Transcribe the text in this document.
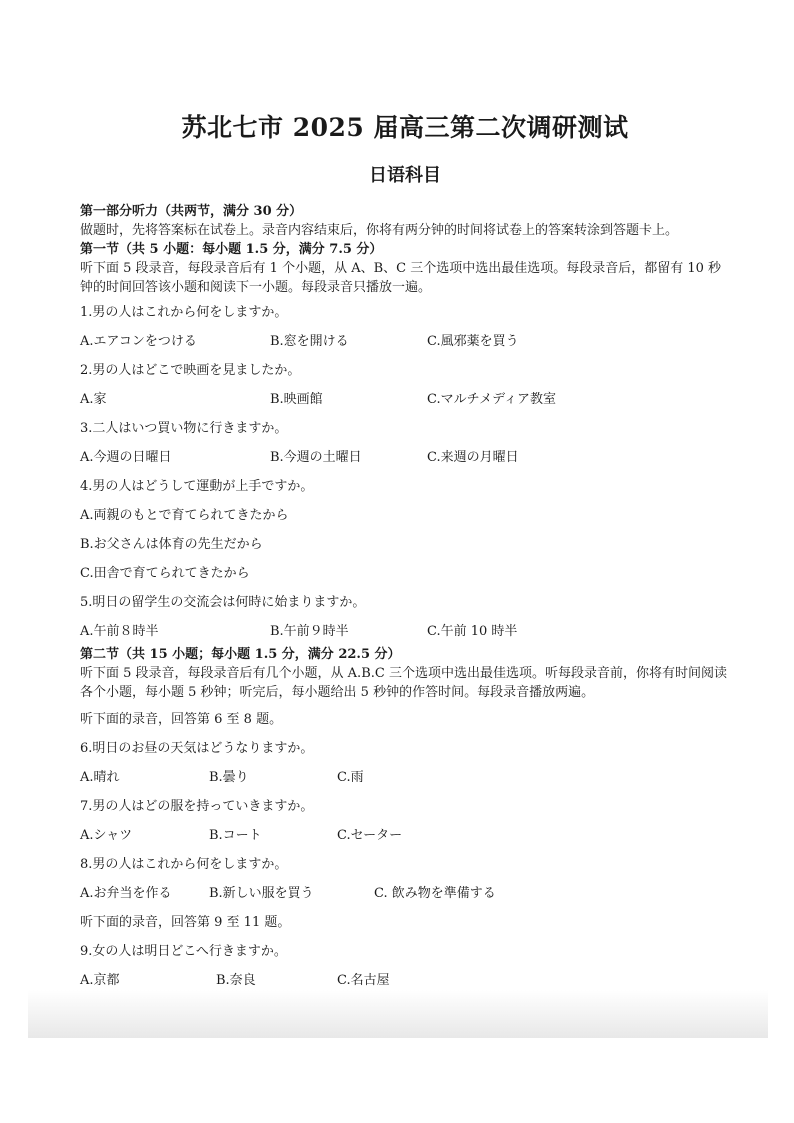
苏北七市 2025 届高三第二次调研测试
日语科目
第一部分听力（共两节，满分 30 分）
做题时，先将答案标在试卷上。录音内容结束后，你将有两分钟的时间将试卷上的答案转涂到答题卡上。
第一节（共 5 小题：每小题 1.5 分，满分 7.5 分）
听下面 5 段录音，每段录音后有 1 个小题，从 A、B、C 三个选项中选出最佳选项。每段录音后，都留有 10 秒钟的时间回答该小题和阅读下一小题。每段录音只播放一遍。
1.男の人はこれから何をしますか。
A.エアコンをつける	B.窓を開ける	C.風邪薬を買う
2.男の人はどこで映画を見ましたか。
A.家	B.映画館	C.マルチメディア教室
3.二人はいつ買い物に行きますか。
A.今週の日曜日	B.今週の土曜日	C.来週の月曜日
4.男の人はどうして運動が上手ですか。
A.両親のもとで育てられてきたから
B.お父さんは体育の先生だから
C.田舎で育てられてきたから
5.明日の留学生の交流会は何時に始まりますか。
A.午前８時半	B.午前９時半	C.午前 10 時半
第二节（共 15 小题；每小题 1.5 分，满分 22.5 分）
听下面 5 段录音，每段录音后有几个小题，从 A.B.C 三个选项中选出最佳选项。听每段录音前，你将有时间阅读各个小题，每小题 5 秒钟；听完后，每小题给出 5 秒钟的作答时间。每段录音播放两遍。
听下面的录音，回答第 6 至 8 题。
6.明日のお昼の天気はどうなりますか。
A.晴れ	B.曇り	C.雨
7.男の人はどの服を持っていきますか。
A.シャツ	B.コート	C.セーター
8.男の人はこれから何をしますか。
A.お弁当を作る	B.新しい服を買う	C. 飲み物を準備する
听下面的录音，回答第 9 至 11 题。
9.女の人は明日どこへ行きますか。
A.京都	B.奈良	C.名古屋
